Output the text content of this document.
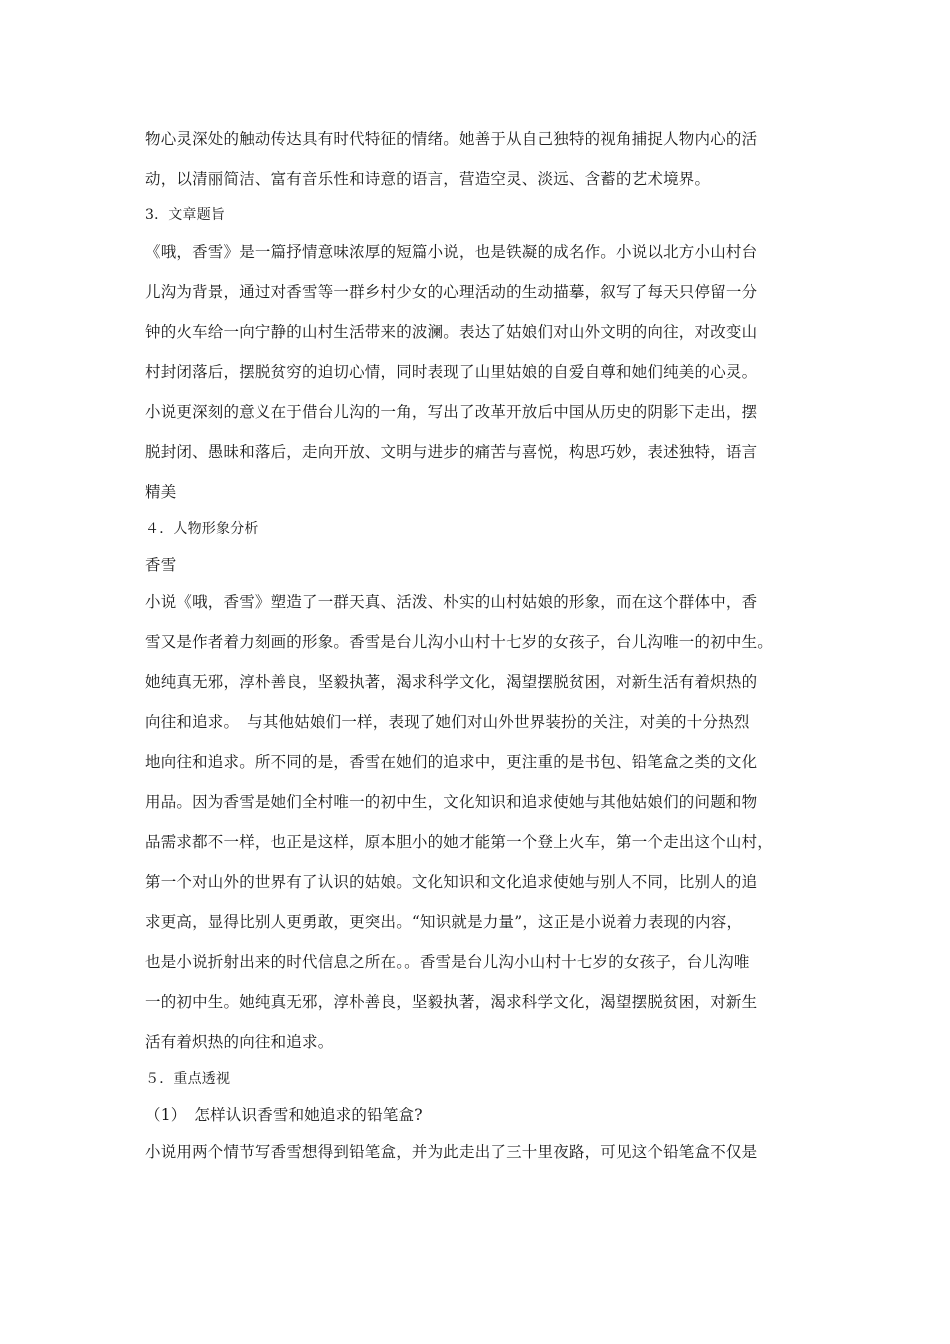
物心灵深处的触动传达具有时代特征的情绪。她善于从自己独特的视角捕捉人物内心的活
动，以清丽简洁、富有音乐性和诗意的语言，营造空灵、淡远、含蓄的艺术境界。
3．文章题旨
《哦，香雪》是一篇抒情意味浓厚的短篇小说，也是铁凝的成名作。小说以北方小山村台
儿沟为背景，通过对香雪等一群乡村少女的心理活动的生动描摹，叙写了每天只停留一分
钟的火车给一向宁静的山村生活带来的波澜。表达了姑娘们对山外文明的向往，对改变山
村封闭落后，摆脱贫穷的迫切心情，同时表现了山里姑娘的自爱自尊和她们纯美的心灵。
小说更深刻的意义在于借台儿沟的一角，写出了改革开放后中国从历史的阴影下走出，摆
脱封闭、愚昧和落后，走向开放、文明与进步的痛苦与喜悦，构思巧妙，表述独特，语言
精美
４．人物形象分析
香雪
小说《哦，香雪》塑造了一群天真、活泼、朴实的山村姑娘的形象，而在这个群体中，香
雪又是作者着力刻画的形象。香雪是台儿沟小山村十七岁的女孩子，台儿沟唯一的初中生。
她纯真无邪，淳朴善良，坚毅执著，渴求科学文化，渴望摆脱贫困，对新生活有着炽热的
向往和追求。　与其他姑娘们一样，表现了她们对山外世界装扮的关注，对美的十分热烈
地向往和追求。所不同的是，香雪在她们的追求中，更注重的是书包、铅笔盒之类的文化
用品。因为香雪是她们全村唯一的初中生，文化知识和追求使她与其他姑娘们的问题和物
品需求都不一样，也正是这样，原本胆小的她才能第一个登上火车，第一个走出这个山村，
第一个对山外的世界有了认识的姑娘。文化知识和文化追求使她与别人不同，比别人的追
求更高，显得比别人更勇敢，更突出。“知识就是力量”，这正是小说着力表现的内容，
也是小说折射出来的时代信息之所在。。香雪是台儿沟小山村十七岁的女孩子，台儿沟唯
一的初中生。她纯真无邪，淳朴善良，坚毅执著，渴求科学文化，渴望摆脱贫困，对新生
活有着炽热的向往和追求。
５．重点透视
（1）　怎样认识香雪和她追求的铅笔盒?
小说用两个情节写香雪想得到铅笔盒，并为此走出了三十里夜路，可见这个铅笔盒不仅是
